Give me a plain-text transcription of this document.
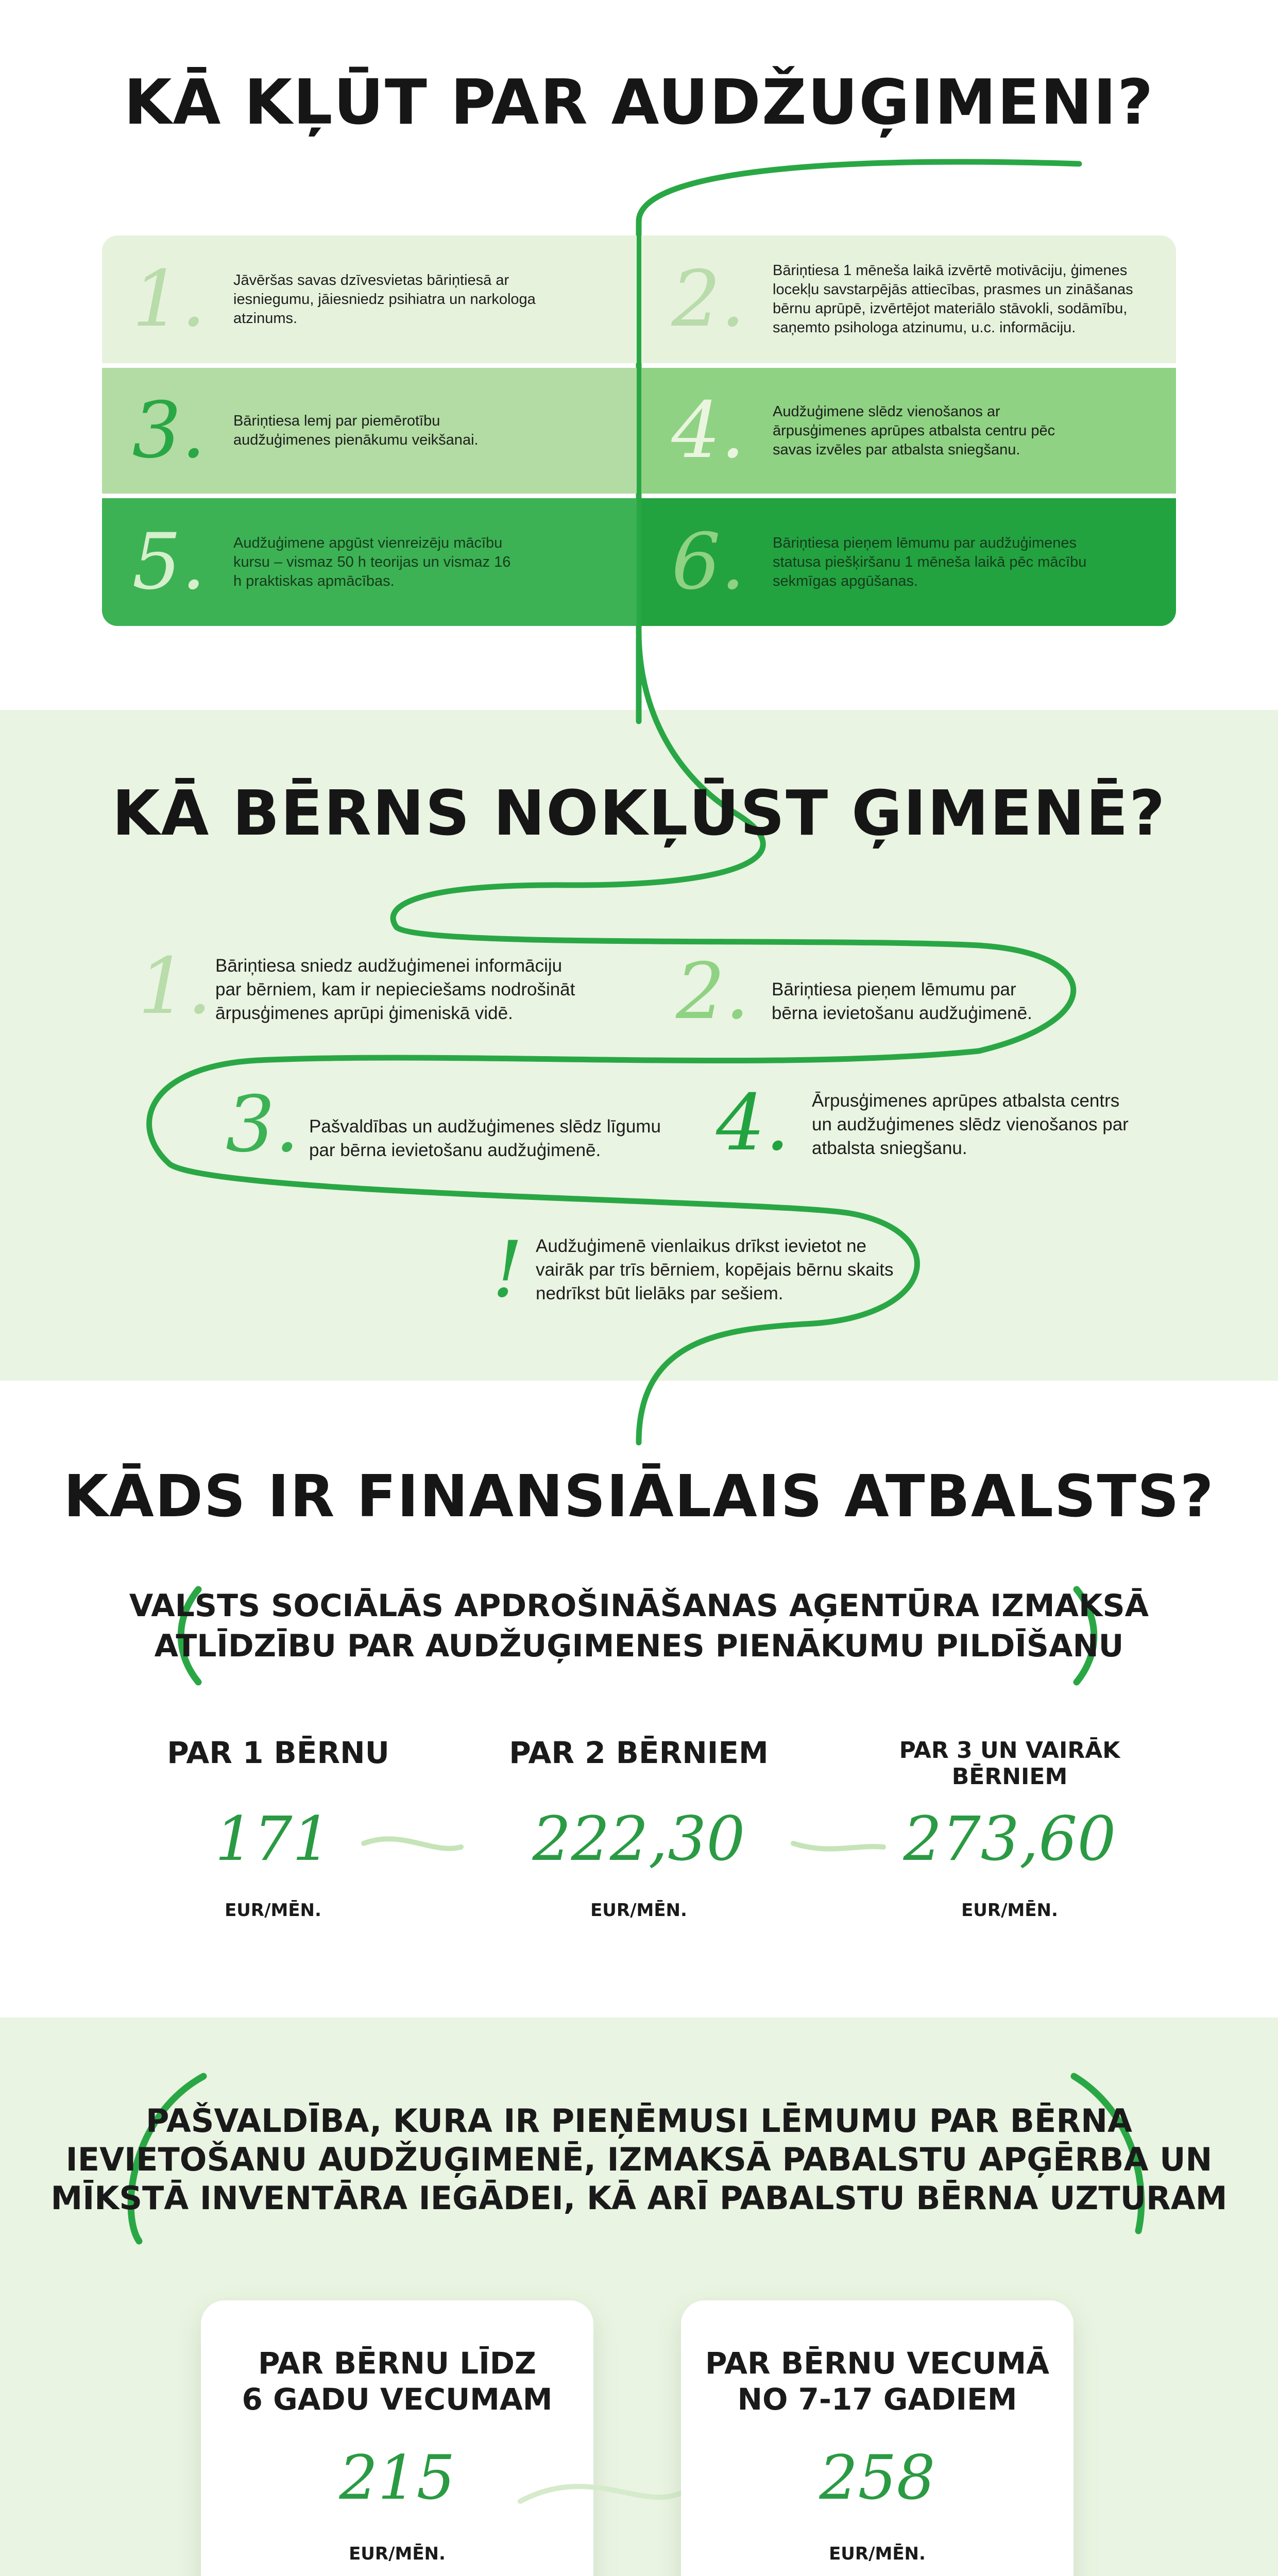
KĀ KĻŪT PAR AUDŽUĢIMENI?
1. Jāvēršas savas dzīvesvietas bāriņtiesā ar iesniegumu, jāiesniedz psihiatra un narkologa atzinums.	2. Bāriņtiesa 1 mēneša laikā izvērtē motivāciju, ģimenes locekļu savstarpējās attiecības, prasmes un zināšanas bērnu aprūpē, izvērtējot materiālo stāvokli, sodāmību, saņemto psihologa atzinumu, u.c. informāciju.
3. Bāriņtiesa lemj par piemērotību audžuģimenes pienākumu veikšanai. 4. Audžuģimene slēdz vienošanos ar ārpusģimenes aprūpes atbalsta centru pēc savas izvēles par atbalsta sniegšanu.
5. Audžuģimene apgūst vienreizēju mācību kursu – vismaz 50 h teorijas un vismaz 16 h praktiskas apmācības.	6. Bāriņtiesa pieņem lēmumu par audžuģimenes statusa piešķiršanu 1 mēneša laikā pēc mācību sekmīgas apgūšanas.
KĀ BĒRNS NOKĻŪST ĢIMENĒ?
1. Bāriņtiesa sniedz audžuģimenei informāciju par bērniem, kam ir nepieciešams nodrošināt ārpusģimenes aprūpi ģimeniskā vidē.	2. Bāriņtiesa pieņem lēmumu par bērna ievietošanu audžuģimenē.
3. Pašvaldības un audžuģimenes slēdz līgumu par bērna ievietošanu audžuģimenē.	4. Ārpusģimenes aprūpes atbalsta centrs un audžuģimenes slēdz vienošanos par atbalsta sniegšanu.
! Audžuģimenē vienlaikus drīkst ievietot ne vairāk par trīs bērniem, kopējais bērnu skaits nedrīkst būt lielāks par sešiem.
KĀDS IR FINANSIĀLAIS ATBALSTS?
VALSTS SOCIĀLĀS APDROŠINĀŠANAS AĢENTŪRA IZMAKSĀ
ATLĪDZĪBU PAR AUDŽUĢIMENES PIENĀKUMU PILDĪŠANU
PAR 1 BĒRNU
171
EUR/MĒN.
PAR 2 BĒRNIEM
222,30
EUR/MĒN.
PAR 3 UN VAIRĀK BĒRNIEM
273,60
EUR/MĒN.
PAŠVALDĪBA, KURA IR PIEŅĒMUSI LĒMUMU PAR BĒRNA
IEVIETOŠANU AUDŽUĢIMENĒ, IZMAKSĀ PABALSTU APĢĒRBA UN
MĪKSTĀ INVENTĀRA IEGĀDEI, KĀ ARĪ PABALSTU BĒRNA UZTURAM
PAR BĒRNU LĪDZ
6 GADU VECUMAM
215
EUR/MĒN.
PAR BĒRNU VECUMĀ
NO 7-17 GADIEM
258
EUR/MĒN.
